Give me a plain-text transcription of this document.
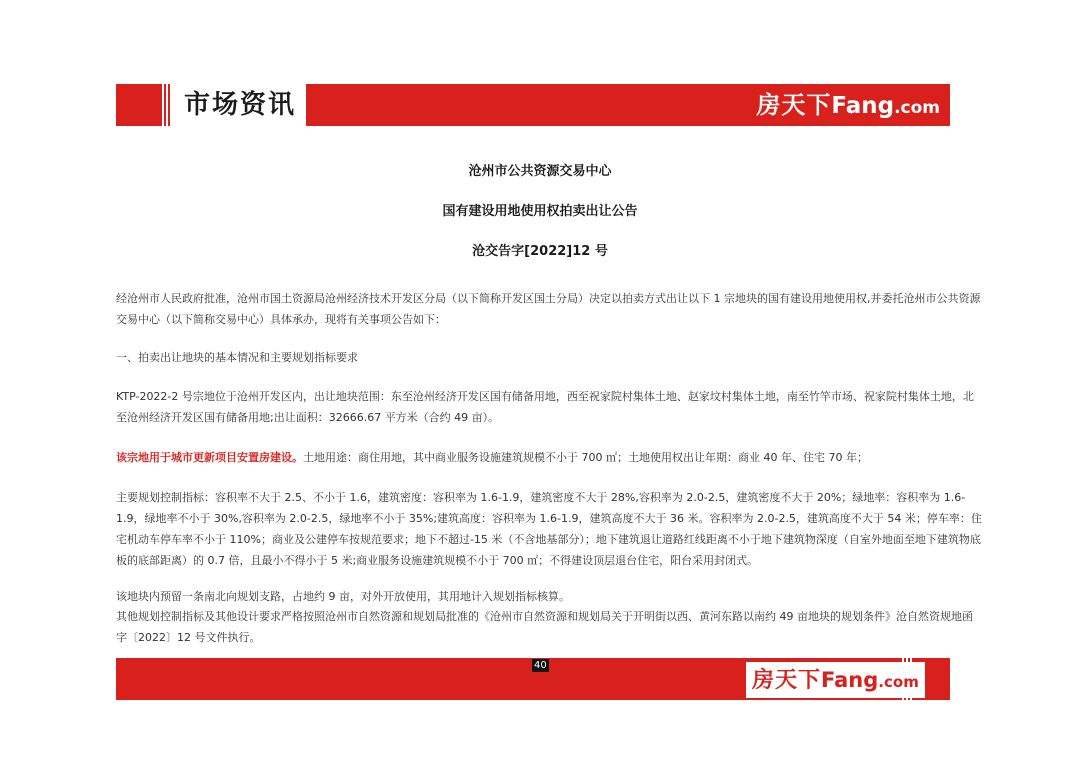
市场资讯	房天下Fang.com
沧州市公共资源交易中心
国有建设用地使用权拍卖出让公告
沧交告字[2022]12 号

经沧州市人民政府批准，沧州市国土资源局沧州经济技术开发区分局（以下简称开发区国土分局）决定以拍卖方式出让以下 1 宗地块的国有建设用地使用权,并委托沧州市公共资源交易中心（以下简称交易中心）具体承办，现将有关事项公告如下：

一、拍卖出让地块的基本情况和主要规划指标要求

KTP-2022-2 号宗地位于沧州开发区内，出让地块范围：东至沧州经济开发区国有储备用地，西至祝家院村集体土地、赵家坟村集体土地，南至竹竿市场、祝家院村集体土地，北至沧州经济开发区国有储备用地;出让面积：32666.67 平方米（合约 49 亩）。

该宗地用于城市更新项目安置房建设。土地用途：商住用地，其中商业服务设施建筑规模不小于 700 ㎡；土地使用权出让年期：商业 40 年、住宅 70 年；

主要规划控制指标：容积率不大于 2.5、不小于 1.6，建筑密度：容积率为 1.6-1.9，建筑密度不大于 28%,容积率为 2.0-2.5，建筑密度不大于 20%；绿地率：容积率为 1.6-1.9，绿地率不小于 30%,容积率为 2.0-2.5，绿地率不小于 35%;建筑高度：容积率为 1.6-1.9，建筑高度不大于 36 米。容积率为 2.0-2.5，建筑高度不大于 54 米；停车率：住宅机动车停车率不小于 110%；商业及公建停车按规范要求；地下不超过-15 米（不含地基部分）；地下建筑退让道路红线距离不小于地下建筑物深度（自室外地面至地下建筑物底板的底部距离）的 0.7 倍，且最小不得小于 5 米;商业服务设施建筑规模不小于 700 ㎡；不得建设顶层退台住宅，阳台采用封闭式。

该地块内预留一条南北向规划支路，占地约 9 亩，对外开放使用，其用地计入规划指标核算。

其他规划控制指标及其他设计要求严格按照沧州市自然资源和规划局批准的《沧州市自然资源和规划局关于开明街以西、黄河东路以南约 49 亩地块的规划条件》沧自然资规地函字〔2022〕12 号文件执行。

房天下Fang.com
40
